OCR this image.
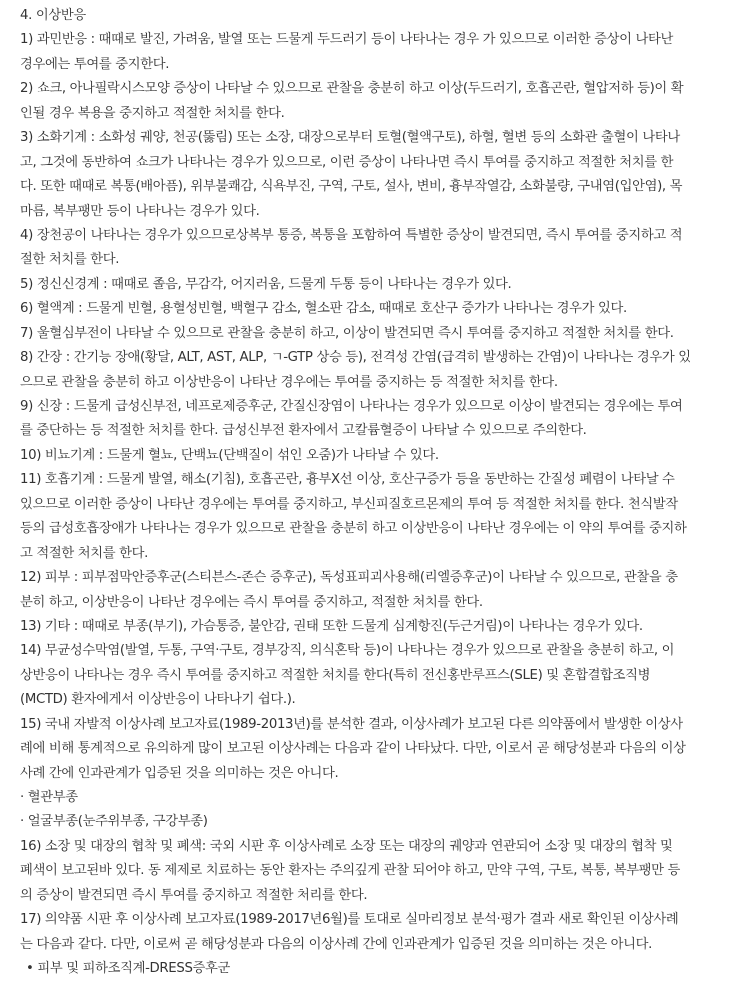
4. 이상반응
1) 과민반응 : 때때로 발진, 가려움, 발열 또는 드물게 두드러기 등이 나타나는 경우 가 있으므로 이러한 증상이 나타난
경우에는 투여를 중지한다.
2) 쇼크, 아나필락시스모양 증상이 나타날 수 있으므로 관찰을 충분히 하고 이상(두드러기, 호흡곤란, 혈압저하 등)이 확
인될 경우 복용을 중지하고 적절한 처치를 한다.
3) 소화기계 : 소화성 궤양, 천공(뚫림) 또는 소장, 대장으로부터 토혈(혈액구토), 하혈, 혈변 등의 소화관 출혈이 나타나
고, 그것에 동반하여 쇼크가 나타나는 경우가 있으므로, 이런 증상이 나타나면 즉시 투여를 중지하고 적절한 처치를 한
다. 또한 때때로 복통(배아픔), 위부불쾌감, 식욕부진, 구역, 구토, 설사, 변비, 흉부작열감, 소화불량, 구내염(입안염), 목
마름, 복부팽만 등이 나타나는 경우가 있다.
4) 장천공이 나타나는 경우가 있으므로상복부 통증, 복통을 포함하여 특별한 증상이 발견되면, 즉시 투여를 중지하고 적
절한 처치를 한다.
5) 정신신경계 : 때때로 졸음, 무감각, 어지러움, 드물게 두통 등이 나타나는 경우가 있다.
6) 혈액계 : 드물게 빈혈, 용혈성빈혈, 백혈구 감소, 혈소판 감소, 때때로 호산구 증가가 나타나는 경우가 있다.
7) 울혈심부전이 나타날 수 있으므로 관찰을 충분히 하고, 이상이 발견되면 즉시 투여를 중지하고 적절한 처치를 한다.
8) 간장 : 간기능 장애(황달, ALT, AST, ALP, ㄱ-GTP 상승 등), 전격성 간염(급격히 발생하는 간염)이 나타나는 경우가 있
으므로 관찰을 충분히 하고 이상반응이 나타난 경우에는 투여를 중지하는 등 적절한 처치를 한다.
9) 신장 : 드물게 급성신부전, 네프로제증후군, 간질신장염이 나타나는 경우가 있으므로 이상이 발견되는 경우에는 투여
를 중단하는 등 적절한 처치를 한다. 급성신부전 환자에서 고칼륨혈증이 나타날 수 있으므로 주의한다.
10) 비뇨기계 : 드물게 혈뇨, 단백뇨(단백질이 섞인 오줌)가 나타날 수 있다.
11) 호흡기계 : 드물게 발열, 해소(기침), 호흡곤란, 흉부X선 이상, 호산구증가 등을 동반하는 간질성 폐렴이 나타날 수
있으므로 이러한 증상이 나타난 경우에는 투여를 중지하고, 부신피질호르몬제의 투여 등 적절한 처치를 한다. 천식발작
등의 급성호흡장애가 나타나는 경우가 있으므로 관찰을 충분히 하고 이상반응이 나타난 경우에는 이 약의 투여를 중지하
고 적절한 처치를 한다.
12) 피부 : 피부점막안증후군(스티븐스-존슨 증후군), 독성표피괴사용해(리엘증후군)이 나타날 수 있으므로, 관찰을 충
분히 하고, 이상반응이 나타난 경우에는 즉시 투여를 중지하고, 적절한 처치를 한다.
13) 기타 : 때때로 부종(부기), 가슴통증, 불안감, 권태 또한 드물게 심계항진(두근거림)이 나타나는 경우가 있다.
14) 무균성수막염(발열, 두통, 구역·구토, 경부강직, 의식혼탁 등)이 나타나는 경우가 있으므로 관찰을 충분히 하고, 이
상반응이 나타나는 경우 즉시 투여를 중지하고 적절한 처치를 한다(특히 전신홍반루프스(SLE) 및 혼합결합조직병
(MCTD) 환자에게서 이상반응이 나타나기 쉽다.).
15) 국내 자발적 이상사례 보고자료(1989-2013년)를 분석한 결과, 이상사례가 보고된 다른 의약품에서 발생한 이상사
례에 비해 통계적으로 유의하게 많이 보고된 이상사례는 다음과 같이 나타났다. 다만, 이로서 곧 해당성분과 다음의 이상
사례 간에 인과관계가 입증된 것을 의미하는 것은 아니다.
· 혈관부종
· 얼굴부종(눈주위부종, 구강부종)
16) 소장 및 대장의 협착 및 폐색: 국외 시판 후 이상사례로 소장 또는 대장의 궤양과 연관되어 소장 및 대장의 협착 및
폐색이 보고된바 있다. 동 제제로 치료하는 동안 환자는 주의깊게 관찰 되어야 하고, 만약 구역, 구토, 복통, 복부팽만 등
의 증상이 발견되면 즉시 투여를 중지하고 적절한 처리를 한다.
17) 의약품 시판 후 이상사례 보고자료(1989-2017년6월)를 토대로 실마리정보 분석·평가 결과 새로 확인된 이상사례
는 다음과 같다. 다만, 이로써 곧 해당성분과 다음의 이상사례 간에 인과관계가 입증된 것을 의미하는 것은 아니다.
• 피부 및 피하조직계-DRESS증후군
